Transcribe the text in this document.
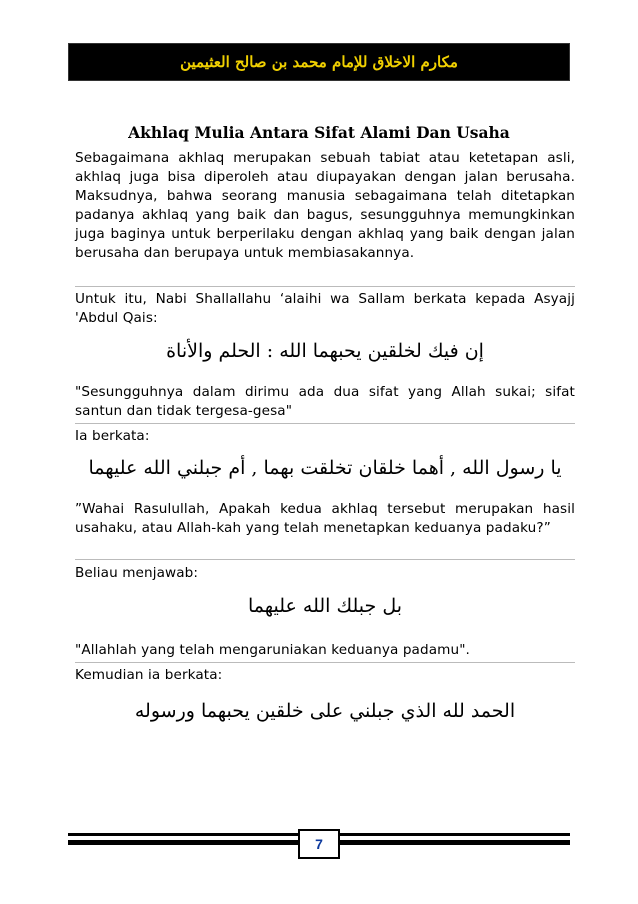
مكارم الاخلاق للإمام محمد بن صالح العثيمين
Akhlaq Mulia Antara Sifat Alami Dan Usaha

Sebagaimana akhlaq merupakan sebuah tabiat atau ketetapan asli, akhlaq juga bisa diperoleh atau diupayakan dengan jalan berusaha. Maksudnya, bahwa seorang manusia sebagaimana telah ditetapkan padanya akhlaq yang baik dan bagus, sesungguhnya memungkinkan juga baginya untuk berperilaku dengan akhlaq yang baik dengan jalan berusaha dan berupaya untuk membiasakannya.

Untuk itu, Nabi Shallallahu ‘alaihi wa Sallam berkata kepada Asyajj 'Abdul Qais:

إن فيك لخلقين يحبهما الله : الحلم والأناة

"Sesungguhnya dalam dirimu ada dua sifat yang Allah sukai; sifat santun dan tidak tergesa-gesa"

Ia berkata:

يا رسول الله , أهما خلقان تخلقت بهما , أم جبلني الله عليهما

”Wahai Rasulullah, Apakah kedua akhlaq tersebut merupakan hasil usahaku, atau Allah-kah yang telah menetapkan keduanya padaku?”

Beliau menjawab:

بل جبلك الله عليهما

"Allahlah yang telah mengaruniakan keduanya padamu".

Kemudian ia berkata:

الحمد لله الذي جبلني على خلقين يحبهما ورسوله
7
